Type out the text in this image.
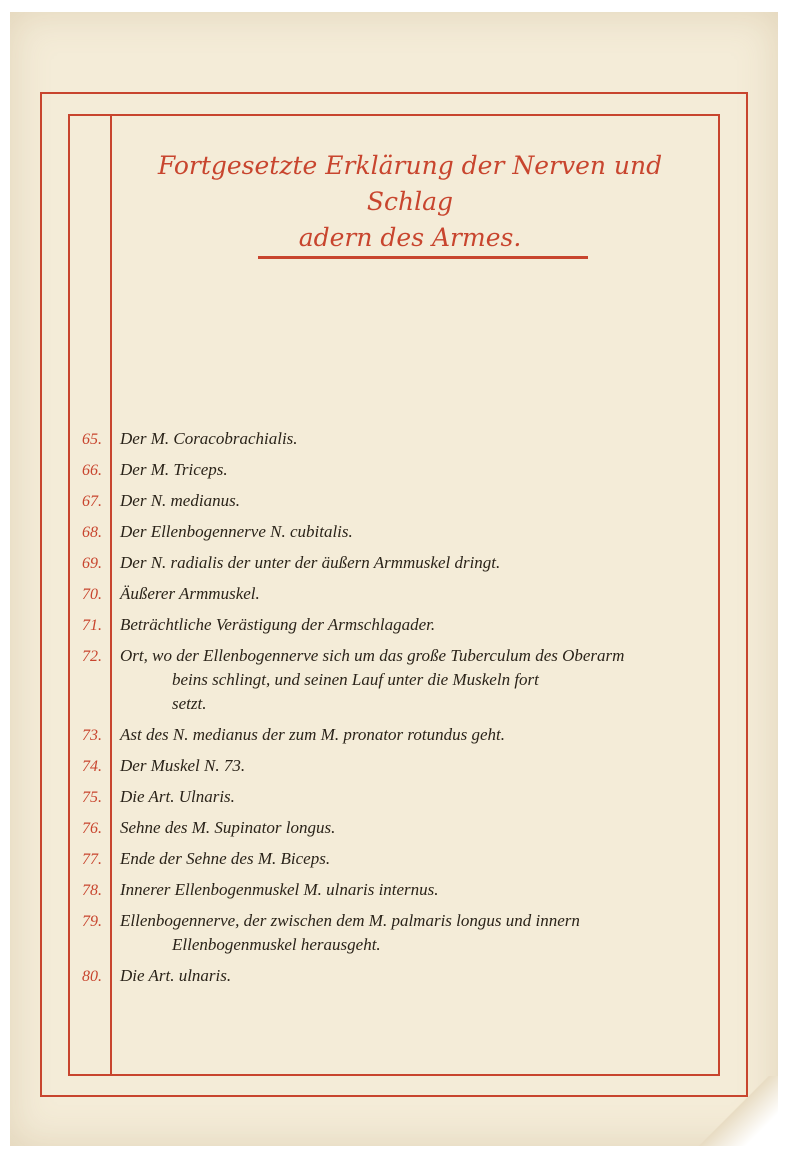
Fortgesetzte Erklärung der Nerven und Schlag
adern des Armes.
65.	Der M. Coracobrachialis.
66.	Der M. Triceps.
67.	Der N. medianus.
68.	Der Ellenbogennerve N. cubitalis.
69.	Der N. radialis der unter der äußern Armmuskel dringt.
70.	Äußerer Armmuskel.
71.	Beträchtliche Verästigung der Armschlagader.
72.	Ort, wo der Ellenbogennerve sich um das große Tuberculum des Oberarm
beins schlingt, und seinen Lauf unter die Muskeln fort
setzt.
73.	Ast des N. medianus der zum M. pronator rotundus geht.
74.	Der Muskel N. 73.
75.	Die Art. Ulnaris.
76.	Sehne des M. Supinator longus.
77.	Ende der Sehne des M. Biceps.
78.	Innerer Ellenbogenmuskel M. ulnaris internus.
79.	Ellenbogennerve, der zwischen dem M. palmaris longus und innern
Ellenbogenmuskel herausgeht.
80.	Die Art. ulnaris.
